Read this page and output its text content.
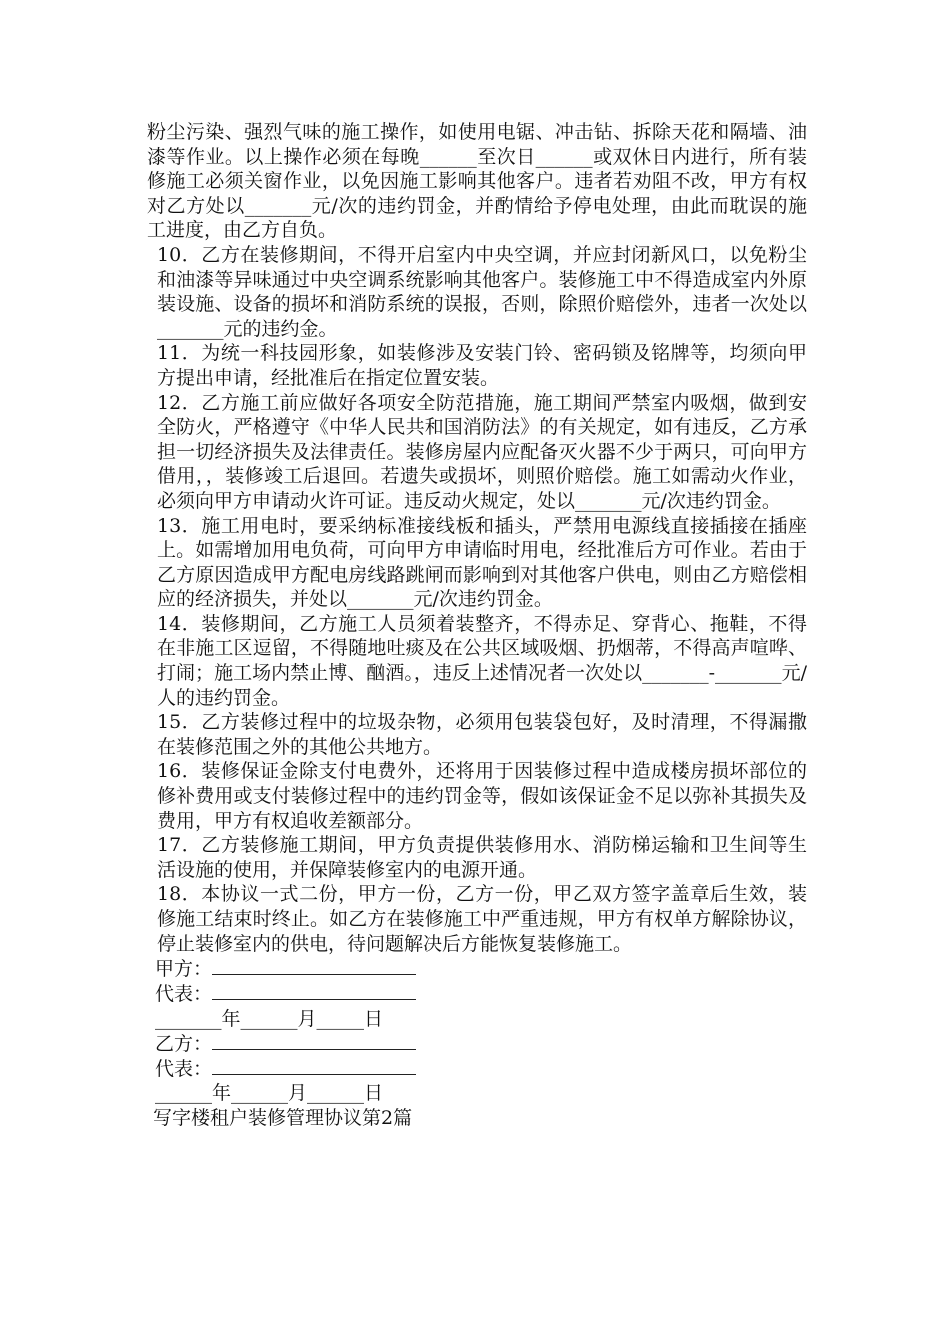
粉尘污染、强烈气味的施工操作，如使用电锯、冲击钻、拆除天花和隔墙、油漆等作业。以上操作必须在每晚______至次日______或双休日内进行，所有装修施工必须关窗作业，以免因施工影响其他客户。违者若劝阻不改，甲方有权对乙方处以_______元/次的违约罚金，并酌情给予停电处理，由此而耽误的施工进度，由乙方自负。

10．乙方在装修期间，不得开启室内中央空调，并应封闭新风口，以免粉尘和油漆等异味通过中央空调系统影响其他客户。装修施工中不得造成室内外原装设施、设备的损坏和消防系统的误报，否则，除照价赔偿外，违者一次处以_______元的违约金。

11．为统一科技园形象，如装修涉及安装门铃、密码锁及铭牌等，均须向甲方提出申请，经批准后在指定位置安装。

12．乙方施工前应做好各项安全防范措施，施工期间严禁室内吸烟，做到安全防火，严格遵守《中华人民共和国消防法》的有关规定，如有违反，乙方承担一切经济损失及法律责任。装修房屋内应配备灭火器不少于两只，可向甲方借用，，装修竣工后退回。若遗失或损坏，则照价赔偿。施工如需动火作业，必须向甲方申请动火许可证。违反动火规定，处以_______元/次违约罚金。

13．施工用电时，要采纳标准接线板和插头，严禁用电源线直接插接在插座上。如需增加用电负荷，可向甲方申请临时用电，经批准后方可作业。若由于乙方原因造成甲方配电房线路跳闸而影响到对其他客户供电，则由乙方赔偿相应的经济损失，并处以_______元/次违约罚金。

14．装修期间，乙方施工人员须着装整齐，不得赤足、穿背心、拖鞋，不得在非施工区逗留，不得随地吐痰及在公共区域吸烟、扔烟蒂，不得高声喧哗、打闹；施工场内禁止博、酗酒。，违反上述情况者一次处以_______-_______元/人的违约罚金。

15．乙方装修过程中的垃圾杂物，必须用包装袋包好，及时清理，不得漏撒在装修范围之外的其他公共地方。

16．装修保证金除支付电费外，还将用于因装修过程中造成楼房损坏部位的修补费用或支付装修过程中的违约罚金等，假如该保证金不足以弥补其损失及费用，甲方有权追收差额部分。

17．乙方装修施工期间，甲方负责提供装修用水、消防梯运输和卫生间等生活设施的使用，并保障装修室内的电源开通。

18．本协议一式二份，甲方一份，乙方一份，甲乙双方签字盖章后生效，装修施工结束时终止。如乙方在装修施工中严重违规，甲方有权单方解除协议，停止装修室内的供电，待问题解决后方能恢复装修施工。

甲方：
代表：
_______年______月_____日
乙方：
代表：
______年______月______日

写字楼租户装修管理协议第2篇
